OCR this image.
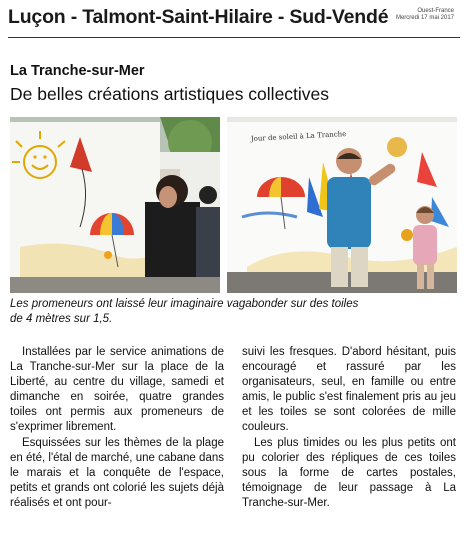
Luçon - Talmont-Saint-Hilaire - Sud-Vendé	Ouest-France
Mercredi 17 mai 2017
La Tranche-sur-Mer
De belles créations artistiques collectives
Jour de soleil à La Tranche

Les promeneurs ont laissé leur imaginaire vagabonder sur des toiles

de 4 mètres sur 1,5.

Installées par le service animations de La Tranche-sur-Mer sur la place de la Liberté, au centre du village, samedi et dimanche en soirée, quatre grandes toiles ont permis aux promeneurs de s'exprimer librement.

Esquissées sur les thèmes de la plage en été, l'étal de marché, une cabane dans le marais et la conquête de l'espace, petits et grands ont colorié les sujets déjà réalisés et ont pour-

suivi les fresques. D'abord hésitant, puis encouragé et rassuré par les organisateurs, seul, en famille ou entre amis, le public s'est finalement pris au jeu et les toiles se sont colorées de mille couleurs.

Les plus timides ou les plus petits ont pu colorier des répliques de ces toiles sous la forme de cartes postales, témoignage de leur passage à La Tranche-sur-Mer.
